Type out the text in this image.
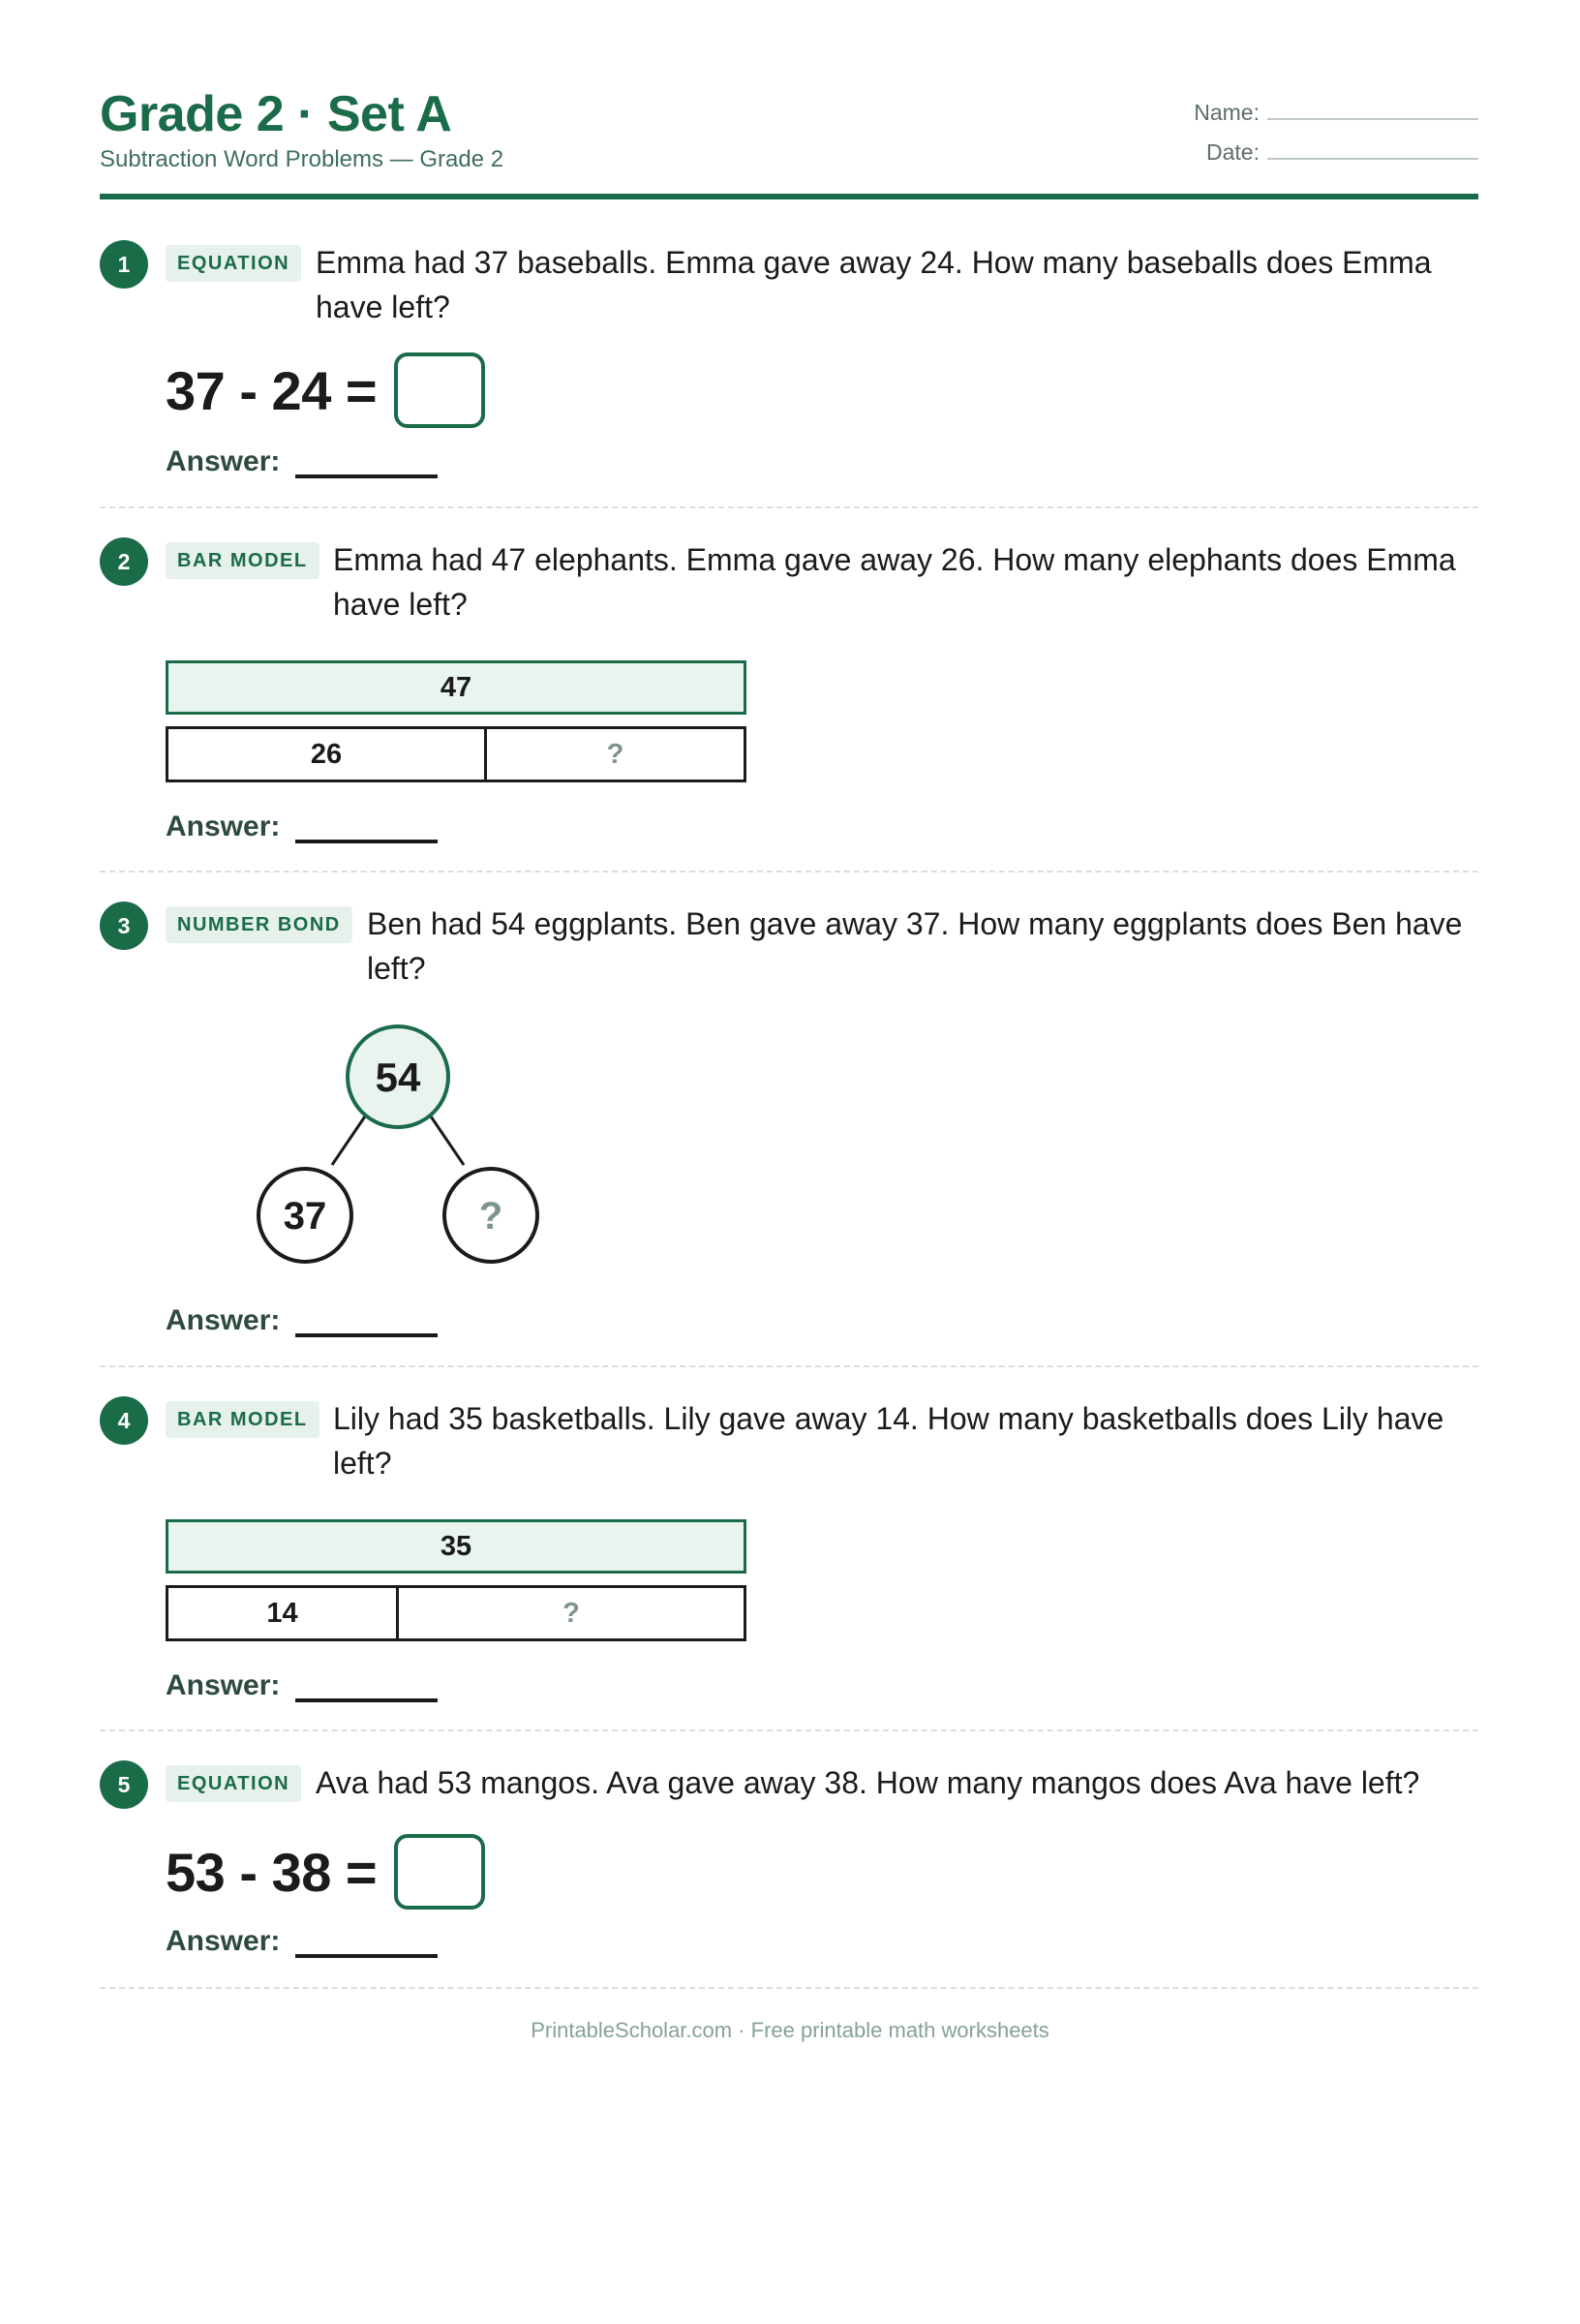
Grade 2 · Set A
Subtraction Word Problems — Grade 2
Name:
Date:
1	EQUATION Emma had 37 baseballs. Emma gave away 24. How many baseballs does Emma have left?
37 - 24 =
Answer:
2	BAR MODEL Emma had 47 elephants. Emma gave away 26. How many elephants does Emma have left?
47
26	?
Answer:
3	NUMBER BOND Ben had 54 eggplants. Ben gave away 37. How many eggplants does Ben have left?
54
37	?
Answer:
4	BAR MODEL Lily had 35 basketballs. Lily gave away 14. How many basketballs does Lily have left?
35
14	?
Answer:
5	EQUATION Ava had 53 mangos. Ava gave away 38. How many mangos does Ava have left?
53 - 38 =
Answer:
PrintableScholar.com · Free printable math worksheets
